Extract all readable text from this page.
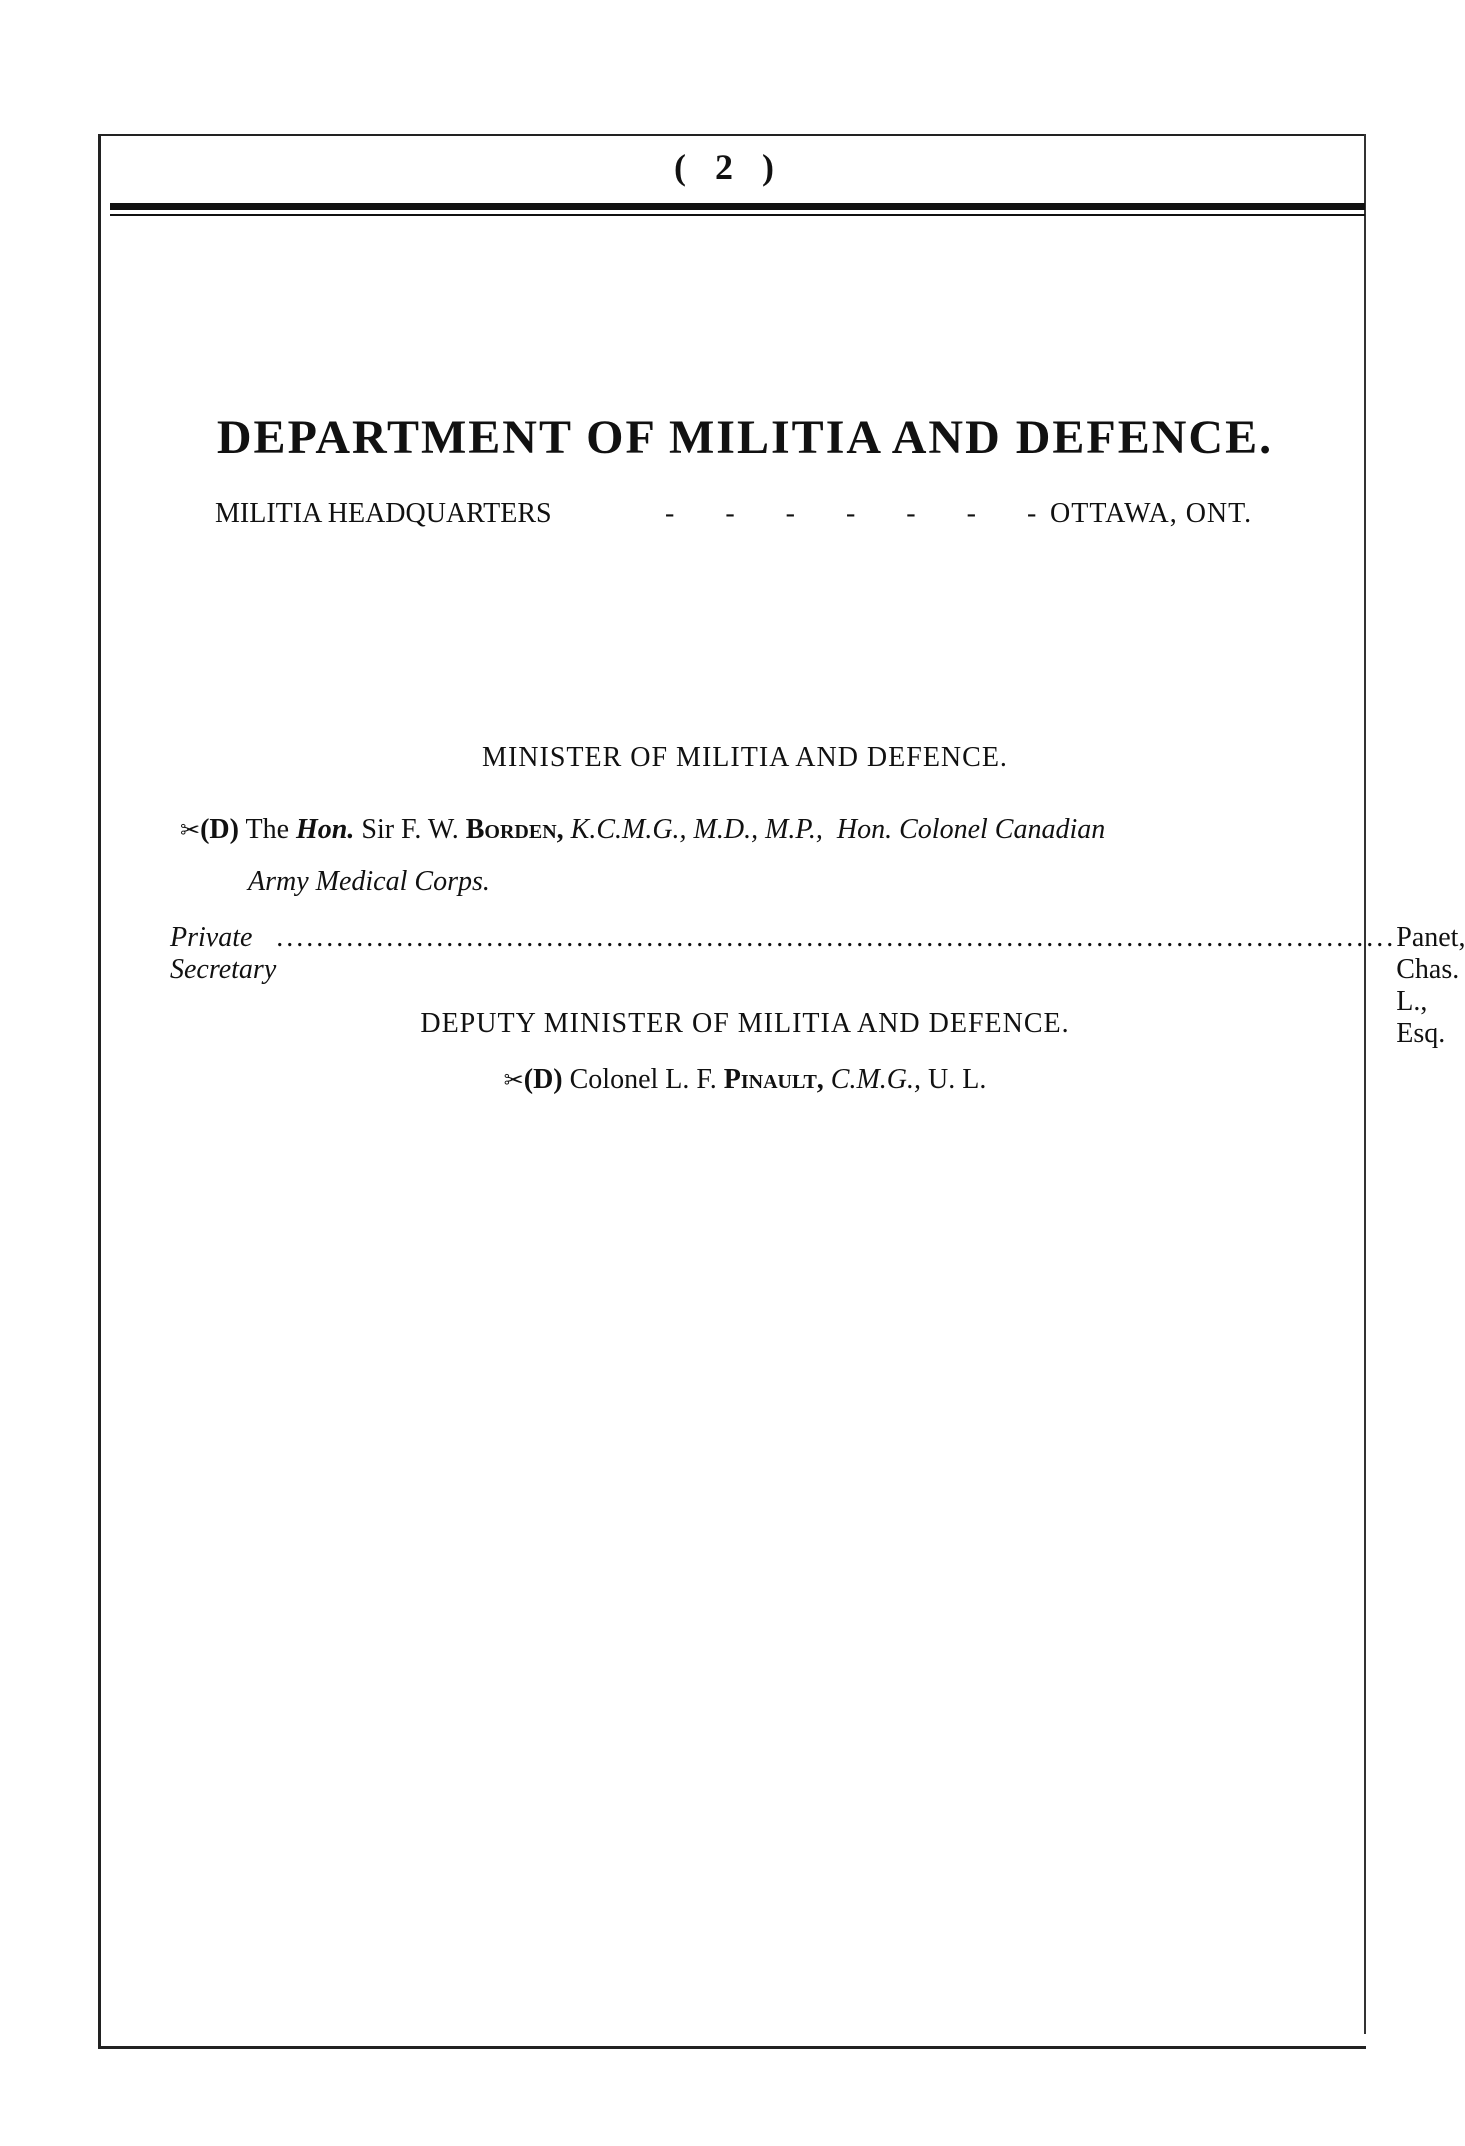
( 2 )
DEPARTMENT OF MILITIA AND DEFENCE.
MILITIA HEADQUARTERS	- - - - - - -
OTTAWA, ONT.
MINISTER OF MILITIA AND DEFENCE.
✂(D) The Hon. Sir F. W. Borden, K.C.M.G., M.D., M.P., Hon. Colonel Canadian
Army Medical Corps.
Private Secretary
................................................................................................................ Panet, Chas. L., Esq.
DEPUTY MINISTER OF MILITIA AND DEFENCE.
✂(D) Colonel L. F. Pinault, C.M.G., U. L.
